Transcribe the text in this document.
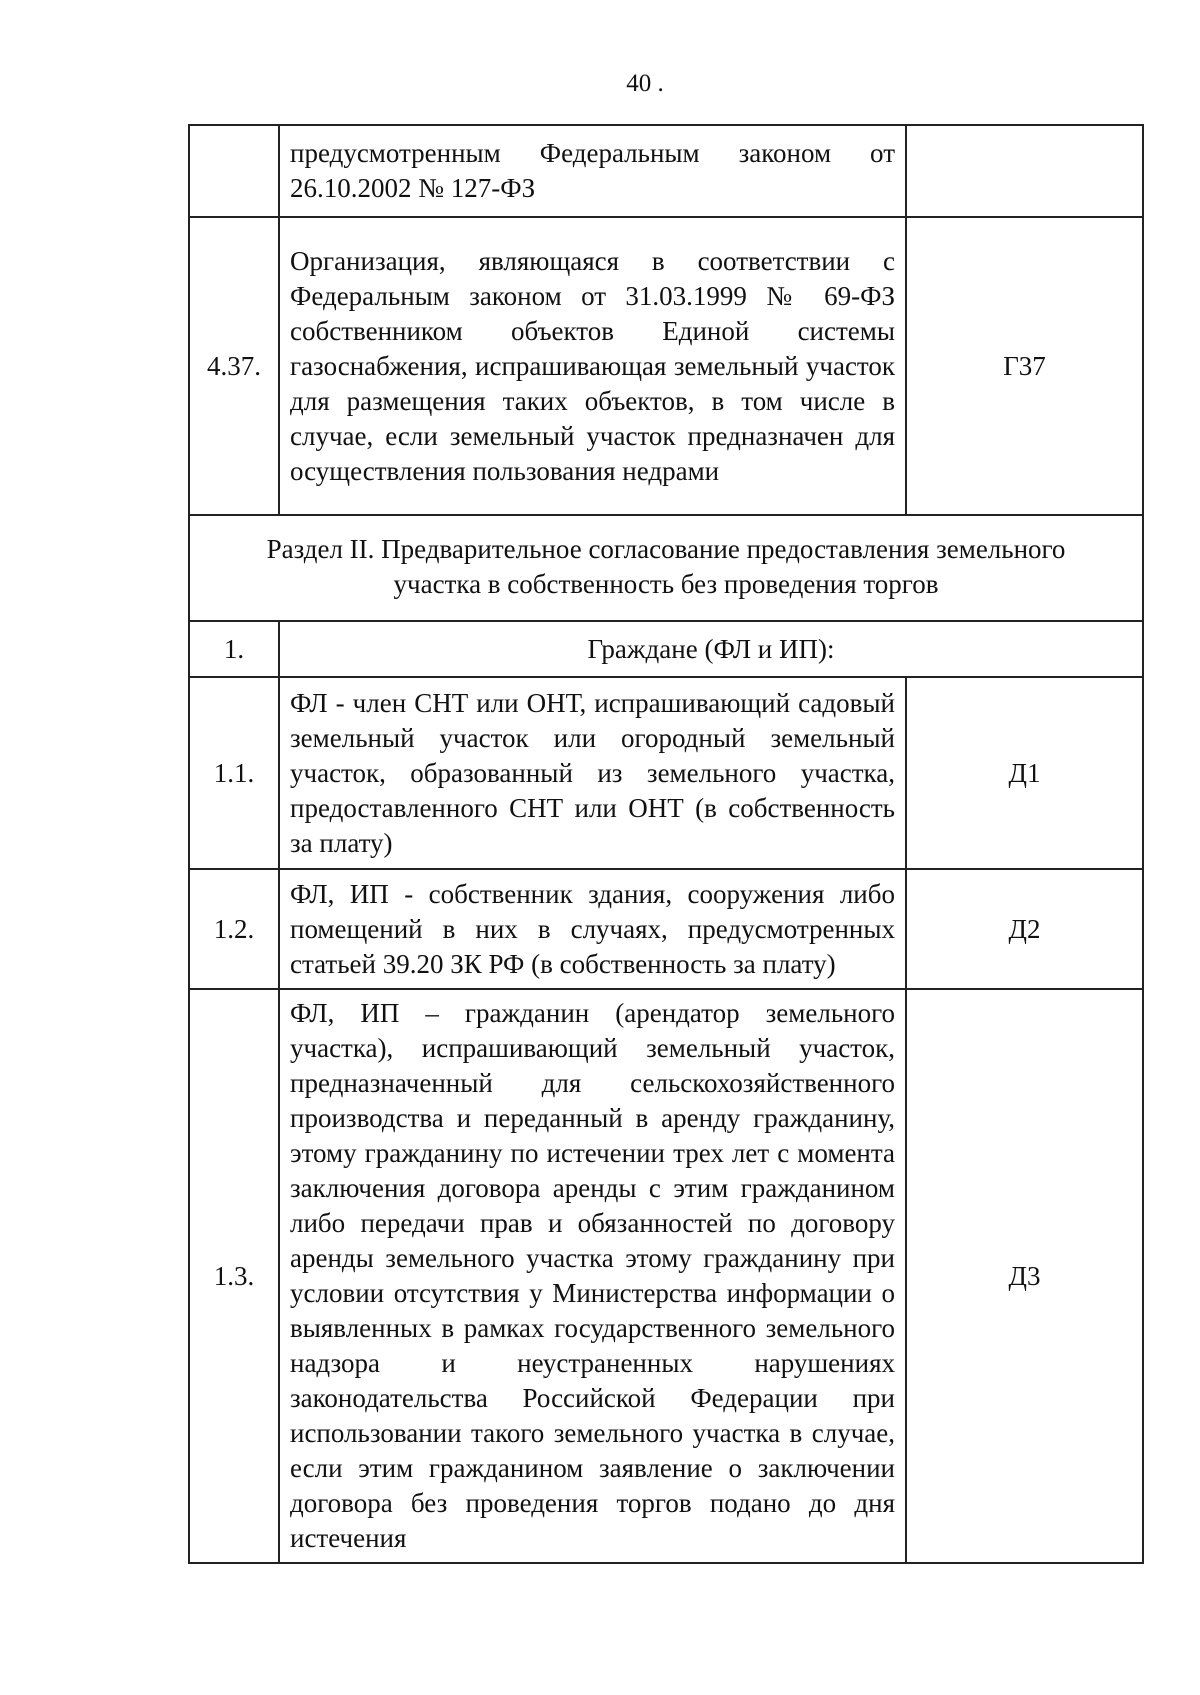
40 .
	предусмотренным Федеральным законом от 26.10.2002 № 127-ФЗ	
4.37.	Организация, являющаяся в соответствии с Федеральным законом от 31.03.1999 № 69-ФЗ собственником объектов Единой системы газоснабжения, испрашивающая земельный участок для размещения таких объектов, в том числе в случае, если земельный участок предназначен для осуществления пользования недрами	Г37
Раздел II. Предварительное согласование предоставления земельного участка в собственность без проведения торгов		
1.	Граждане (ФЛ и ИП):	
1.1.	ФЛ - член СНТ или ОНТ, испрашивающий садовый земельный участок или огородный земельный участок, образованный из земельного участка, предоставленного СНТ или ОНТ (в собственность за плату)	Д1
1.2.	ФЛ, ИП - собственник здания, сооружения либо помещений в них в случаях, предусмотренных статьей 39.20 ЗК РФ (в собственность за плату)	Д2
1.3.	ФЛ, ИП – гражданин (арендатор земельного участка), испрашивающий земельный участок, предназначенный для сельскохозяйственного производства и переданный в аренду гражданину, этому гражданину по истечении трех лет с момента заключения договора аренды с этим гражданином либо передачи прав и обязанностей по договору аренды земельного участка этому гражданину при условии отсутствия у Министерства информации о выявленных в рамках государственного земельного надзора и неустраненных нарушениях законодательства Российской Федерации при использовании такого земельного участка в случае, если этим гражданином заявление о заключении договора без проведения торгов подано до дня истечения	Д3
